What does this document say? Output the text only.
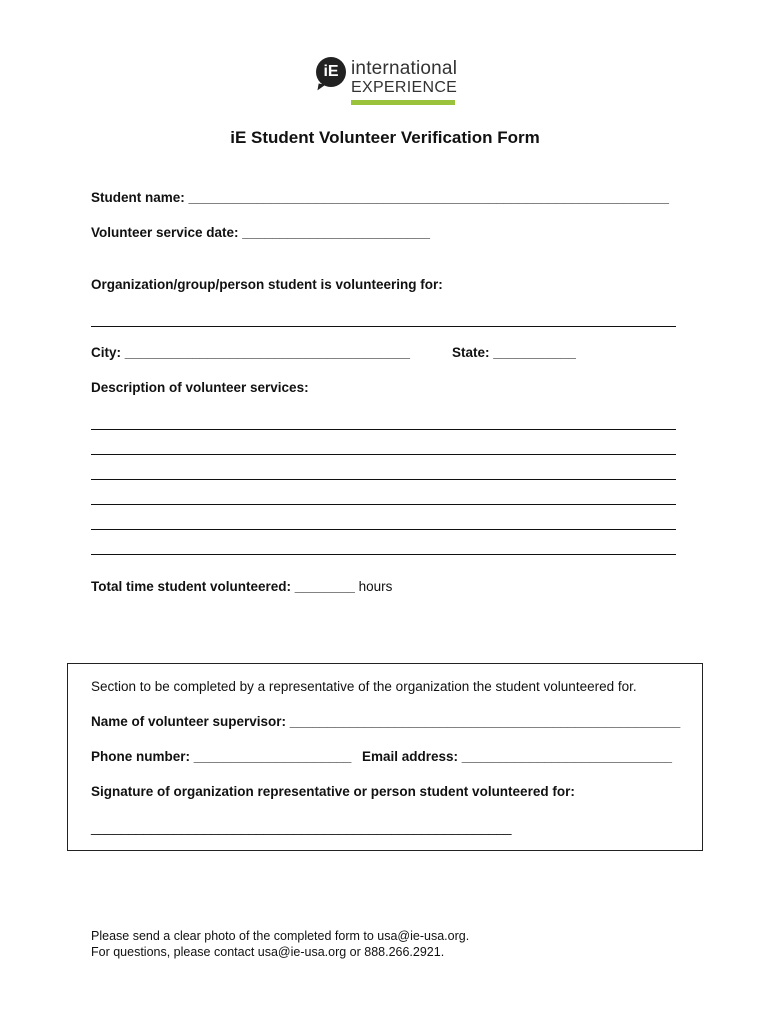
iE international
EXPERIENCE
iE Student Volunteer Verification Form
Student name: ________________________________________________________________
Volunteer service date: _________________________
Organization/group/person student is volunteering for:
City: ______________________________________	State: ___________
Description of volunteer services:
Total time student volunteered: ________ hours
Section to be completed by a representative of the organization the student volunteered for.
Name of volunteer supervisor: ____________________________________________________
Phone number: _____________________ Email address: ____________________________
Signature of organization representative or person student volunteered for:
________________________________________________________
Please send a clear photo of the completed form to usa@ie-usa.org.
For questions, please contact usa@ie-usa.org or 888.266.2921.
